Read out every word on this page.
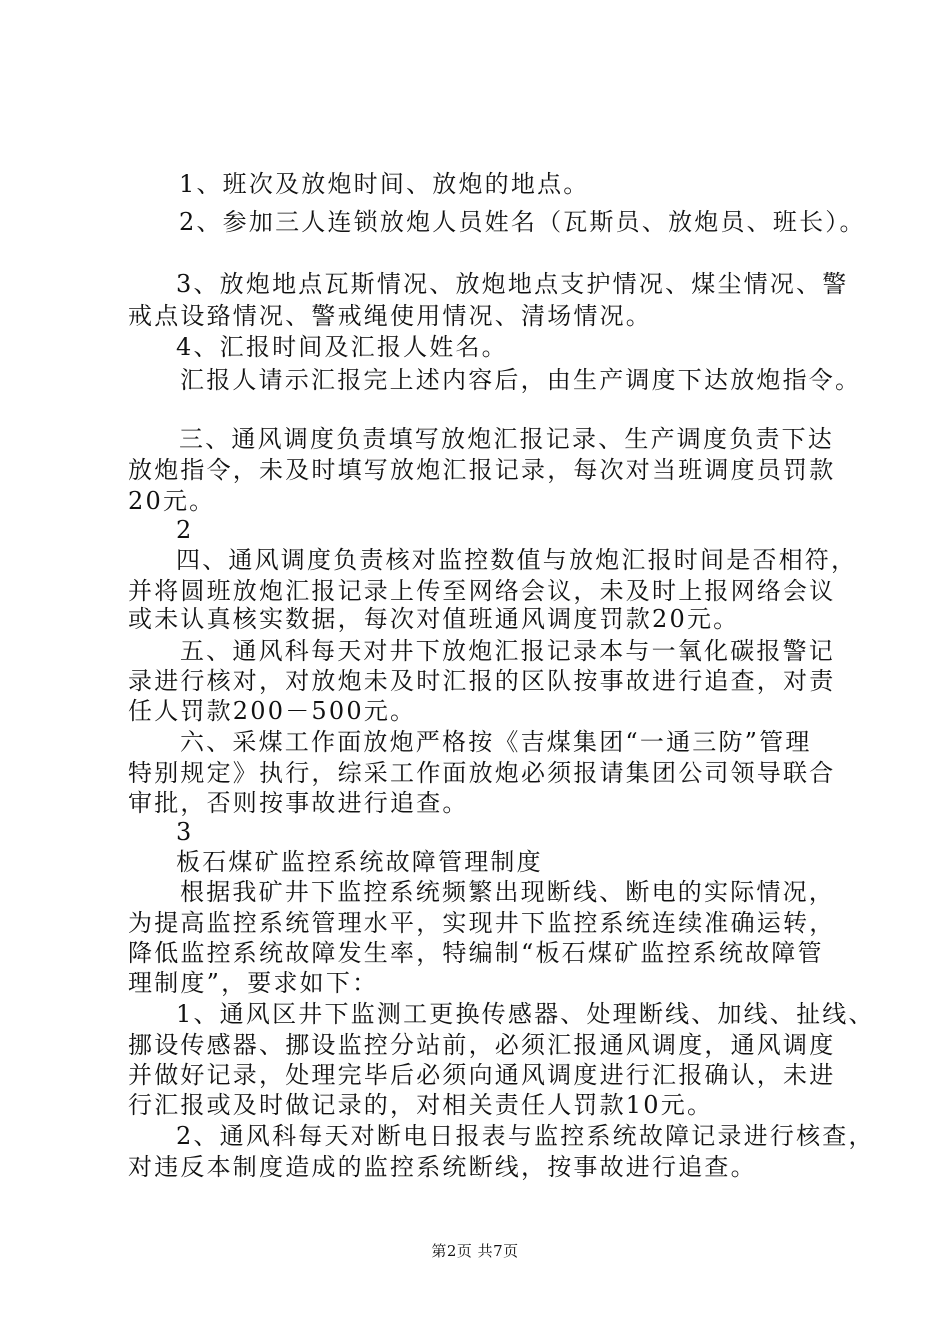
1、班次及放炮时间、放炮的地点。
2、参加三人连锁放炮人员姓名（瓦斯员、放炮员、班长）。
3、放炮地点瓦斯情况、放炮地点支护情况、煤尘情况、警
戒点设臵情况、警戒绳使用情况、清场情况。
4、汇报时间及汇报人姓名。
汇报人请示汇报完上述内容后，由生产调度下达放炮指令。
三、通风调度负责填写放炮汇报记录、生产调度负责下达
放炮指令，未及时填写放炮汇报记录，每次对当班调度员罚款
20元。
2
四、通风调度负责核对监控数值与放炮汇报时间是否相符，
并将圆班放炮汇报记录上传至网络会议，未及时上报网络会议
或未认真核实数据，每次对值班通风调度罚款20元。
五、通风科每天对井下放炮汇报记录本与一氧化碳报警记
录进行核对，对放炮未及时汇报的区队按事故进行追查，对责
任人罚款200－500元。
六、采煤工作面放炮严格按《吉煤集团“一通三防”管理
特别规定》执行，综采工作面放炮必须报请集团公司领导联合
审批，否则按事故进行追查。
3
板石煤矿监控系统故障管理制度
根据我矿井下监控系统频繁出现断线、断电的实际情况，
为提高监控系统管理水平，实现井下监控系统连续准确运转，
降低监控系统故障发生率，特编制“板石煤矿监控系统故障管
理制度”，要求如下：
1、通风区井下监测工更换传感器、处理断线、加线、扯线、
挪设传感器、挪设监控分站前，必须汇报通风调度，通风调度
并做好记录，处理完毕后必须向通风调度进行汇报确认，未进
行汇报或及时做记录的，对相关责任人罚款10元。
2、通风科每天对断电日报表与监控系统故障记录进行核查，
对违反本制度造成的监控系统断线，按事故进行追查。
第2页 共7页
